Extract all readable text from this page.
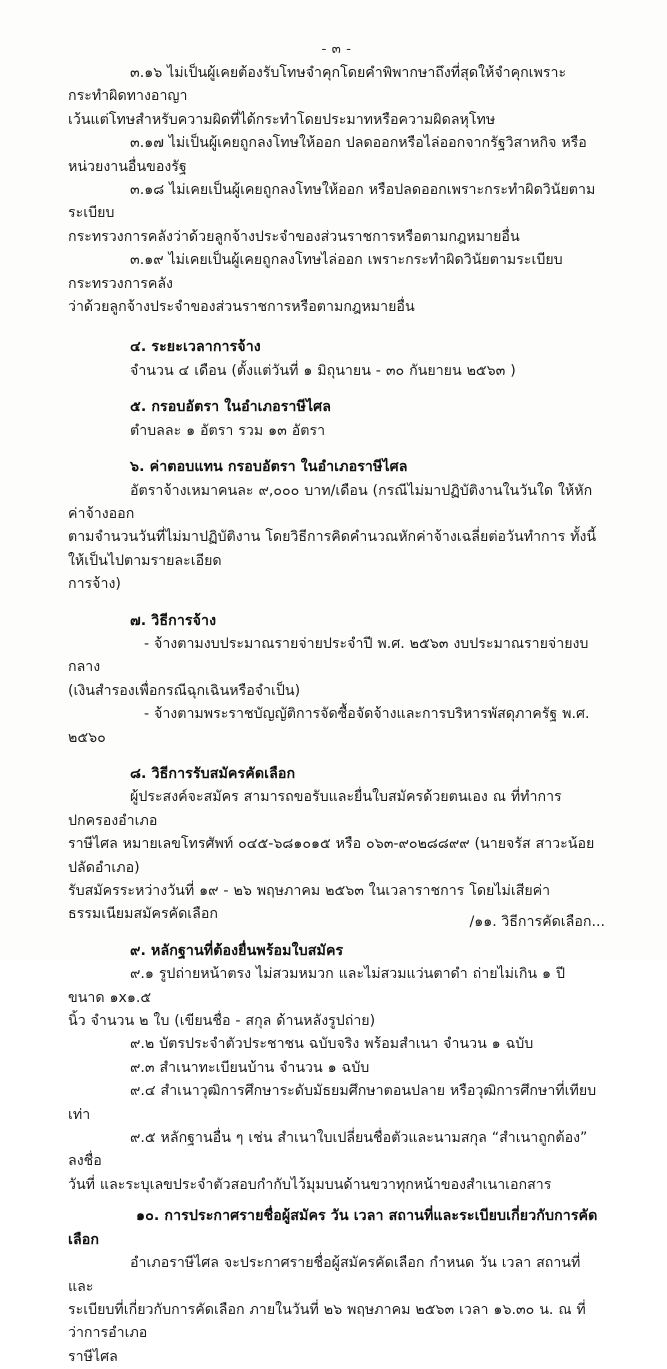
- ๓ -

๓.๑๖ ไม่เป็นผู้เคยต้องรับโทษจำคุกโดยคำพิพากษาถึงที่สุดให้จำคุกเพราะกระทำผิดทางอาญา

เว้นแต่โทษสำหรับความผิดที่ได้กระทำโดยประมาทหรือความผิดลหุโทษ

๓.๑๗ ไม่เป็นผู้เคยถูกลงโทษให้ออก ปลดออกหรือไล่ออกจากรัฐวิสาหกิจ หรือหน่วยงานอื่นของรัฐ

๓.๑๘ ไม่เคยเป็นผู้เคยถูกลงโทษให้ออก หรือปลดออกเพราะกระทำผิดวินัยตามระเบียบ

กระทรวงการคลังว่าด้วยลูกจ้างประจำของส่วนราชการหรือตามกฎหมายอื่น

๓.๑๙ ไม่เคยเป็นผู้เคยถูกลงโทษไล่ออก เพราะกระทำผิดวินัยตามระเบียบกระทรวงการคลัง

ว่าด้วยลูกจ้างประจำของส่วนราชการหรือตามกฎหมายอื่น

๔. ระยะเวลาการจ้าง

จำนวน ๔ เดือน (ตั้งแต่วันที่ ๑ มิถุนายน - ๓๐ กันยายน ๒๕๖๓ )

๕. กรอบอัตรา ในอำเภอราษีไศล

ตำบลละ ๑ อัตรา รวม ๑๓ อัตรา

๖. ค่าตอบแทน กรอบอัตรา ในอำเภอราษีไศล

อัตราจ้างเหมาคนละ ๙,๐๐๐ บาท/เดือน (กรณีไม่มาปฏิบัติงานในวันใด ให้หักค่าจ้างออก

ตามจำนวนวันที่ไม่มาปฏิบัติงาน โดยวิธีการคิดคำนวณหักค่าจ้างเฉลี่ยต่อวันทำการ ทั้งนี้ให้เป็นไปตามรายละเอียด

การจ้าง)

๗. วิธีการจ้าง

- จ้างตามงบประมาณรายจ่ายประจำปี พ.ศ. ๒๕๖๓ งบประมาณรายจ่ายงบกลาง

(เงินสำรองเพื่อกรณีฉุกเฉินหรือจำเป็น)

- จ้างตามพระราชบัญญัติการจัดซื้อจัดจ้างและการบริหารพัสดุภาครัฐ พ.ศ. ๒๕๖๐

๘. วิธีการรับสมัครคัดเลือก

ผู้ประสงค์จะสมัคร สามารถขอรับและยื่นใบสมัครด้วยตนเอง ณ ที่ทำการปกครองอำเภอ

ราษีไศล หมายเลขโทรศัพท์ ๐๔๕-๖๘๑๐๑๕ หรือ ๐๖๓-๙๐๒๘๘๙๙ (นายจรัส สาวะน้อย ปลัดอำเภอ)

รับสมัครระหว่างวันที่ ๑๙ - ๒๖ พฤษภาคม ๒๕๖๓ ในเวลาราชการ โดยไม่เสียค่าธรรมเนียมสมัครคัดเลือก

๙. หลักฐานที่ต้องยื่นพร้อมใบสมัคร

๙.๑ รูปถ่ายหน้าตรง ไม่สวมหมวก และไม่สวมแว่นตาดำ ถ่ายไม่เกิน ๑ ปี ขนาด ๑x๑.๕

นิ้ว จำนวน ๒ ใบ (เขียนชื่อ - สกุล ด้านหลังรูปถ่าย)

๙.๒ บัตรประจำตัวประชาชน ฉบับจริง พร้อมสำเนา จำนวน ๑ ฉบับ

๙.๓ สำเนาทะเบียนบ้าน จำนวน ๑ ฉบับ

๙.๔ สำเนาวุฒิการศึกษาระดับมัธยมศึกษาตอนปลาย หรือวุฒิการศึกษาที่เทียบเท่า

๙.๕ หลักฐานอื่น ๆ เช่น สำเนาใบเปลี่ยนชื่อตัวและนามสกุล “สำเนาถูกต้อง” ลงชื่อ

วันที่ และระบุเลขประจำตัวสอบกำกับไว้มุมบนด้านขวาทุกหน้าของสำเนาเอกสาร

๑๐. การประกาศรายชื่อผู้สมัคร วัน เวลา สถานที่และระเบียบเกี่ยวกับการคัดเลือก

อำเภอราษีไศล จะประกาศรายชื่อผู้สมัครคัดเลือก กำหนด วัน เวลา สถานที่และ

ระเบียบที่เกี่ยวกับการคัดเลือก ภายในวันที่ ๒๖ พฤษภาคม ๒๕๖๓ เวลา ๑๖.๓๐ น. ณ ที่ว่าการอำเภอ

ราษีไศล

/๑๑. วิธีการคัดเลือก...
